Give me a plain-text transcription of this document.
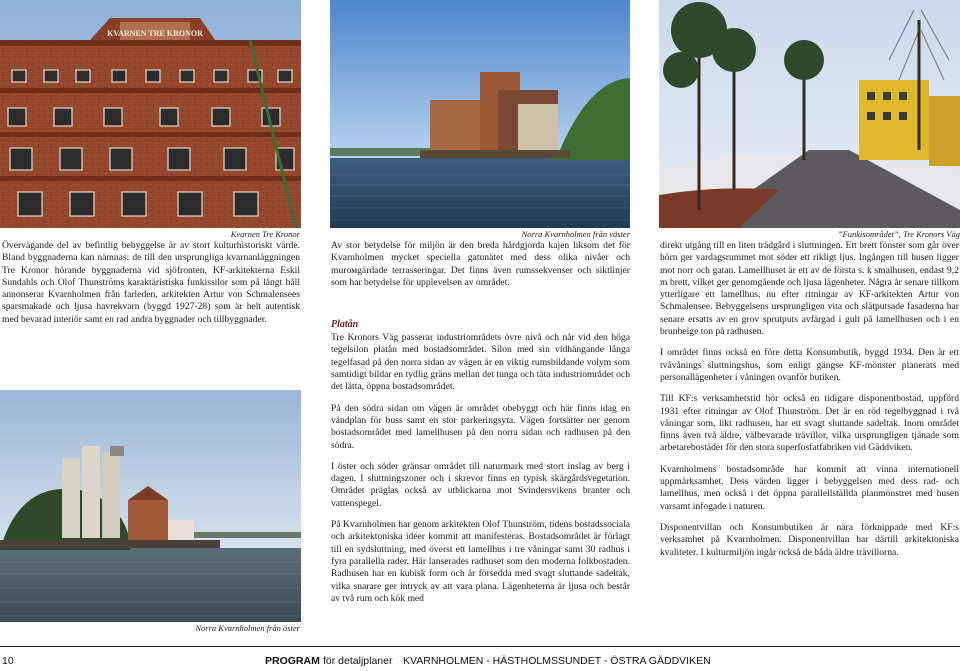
KVARNEN TRE KRONOR
Kvarnen Tre Kronor	Norra Kvarnholmen från väster	”Funkisområdet”, Tre Kronors Väg
Norra Kvarnholmen från öster

Övervägande del av befintlig bebyggelse är av stort kulturhistoriskt värde. Bland byggnaderna kan nämnas: de till den ursprungliga kvarnanläggningen Tre Kronor hörande byggnaderna vid sjöfronten, KF-arkitekterna Eskil Sundahls och Olof Thunströms karaktäristiska funkissilor som på långt håll annonserar Kvarnholmen från farleden, arkitekten Artur von Schmalensees sparsmakade och ljusa havrekvarn (byggd 1927-28) som är helt autentisk med bevarad interiör samt en rad andra byggnader och tillbyggnader.

Av stor betydelse för miljön är den breda hårdgjorda kajen liksom det för Kvarnholmen mycket speciella gatunätet med dess olika nivåer och murомgärdade terrasseringar. Det finns även rumssekvenser och siktlinjer som har betydelse för upplevelsen av området.

Platån

Tre Kronors Väg passerar industriområdets övre nivå och når vid den höga tegelsilon platån med bostadsområdet. Silon med sin vidhängande långa tegelfasad på den norra sidan av vägen är en viktig rumsbildande volym som samtidigt bildar en tydlig gräns mellan det tunga och täta industriområdet och det lätta, öppna bostadsområdet.

På den södra sidan om vägen är området obebyggt och här finns idag en vändplan för buss samt en stor parkeringsyta. Vägen fortsätter ner genom bostadsområdet med lamellhusen på den norra sidan och radhusen på den södra.

I öster och söder gränsar området till naturmark med stort inslag av berg i dagen. I sluttningszoner och i skrevor finns en typisk skärgårdsvegetation. Området präglas också av utblickarna mot Svindersvikens branter och vattenspegel.

På Kvarnholmen har genom arkitekten Olof Thunström, tidens bostadssociala och arkitektoniska idéer kommit att manifesteras. Bostadsområdet är förlagt till en sydsluttning, med överst ett lamellhus i tre våningar samt 30 radhus i fyra parallella rader. Här lanserades radhuset som den moderna folkbostaden. Radhusen har en kubisk form och är försedda med svagt sluttande sadeltak, vilka snarare ger intryck av att vara plana. Lägenheterna är ljusa och består av två rum och kök med

direkt utgång till en liten trädgård i sluttningen. Ett brett fönster som går över hörn ger vardagsrummet mot söder ett rikligt ljus. Ingången till husen ligger mot norr och gatan. Lamellhuset är ett av de första s. k smalhusen, endast 9,2 m brett, vilket ger genomgående och ljusa lägenheter. Några år senare tillkom ytterligare ett lamellhus, nu efter ritningar av KF-arkitekten Artur von Schmalensee. Bebyggelsens ursprungligen vita och slätputsade fasaderna har senare ersatts av en grov sprutputs avfärgad i gult på lamellhusen och i en brunbeige ton på radhusen.

I området finns också en före detta Konsumbutik, byggd 1934. Den är ett tvåvånings sluttningshus, som enligt gängse KF-mönster planerats med personallägenheter i våningen ovanför butiken.

Till KF:s verksamhetstid hör också en tidigare disponentbostad, uppförd 1931 efter ritningar av Olof Thunström. Det är en röd tegelbyggnad i två våningar som, likt radhusen, har ett svagt sluttande sadeltak. Inom området finns även två äldre, välbevarade trävillor, vilka ursprungligen tjänade som arbetarebostäder för den stora superfosfatfabriken vid Gäddviken.

Kvarnholmens bostadsområde har kommit att vinna internationell uppmärksamhet. Dess värden ligger i bebyggelsen med dess rad- och lamellhus, men också i det öppna parallellställda planmönstret med husen varsamt infogade i naturen.

Disponentvillan och Konsumbutiken är nära förknippade med KF:s verksamhet på Kvarnholmen. Disponentvillan har därtill arkitektoniska kvaliteter. I kulturmiljön ingår också de båda äldre trävillorna.

10	PROGRAM för detaljplaner KVARNHOLMEN - HÄSTHOLMSSUNDET - ÖSTRA GÄDDVIKEN
